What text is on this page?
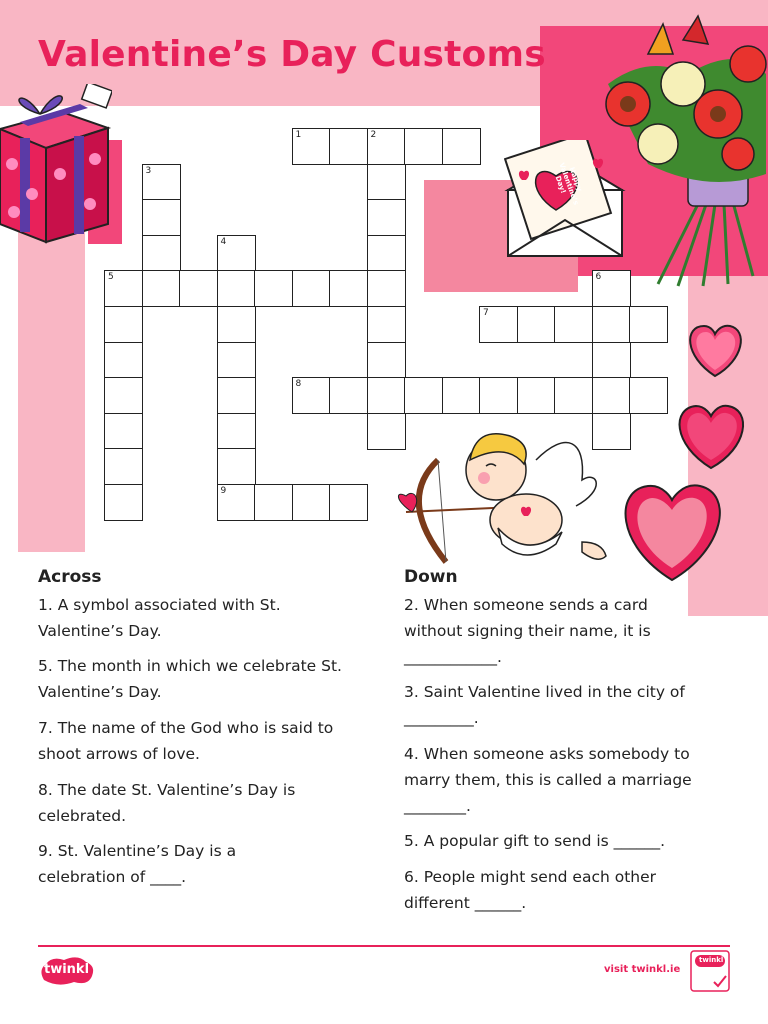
Valentine’s Day Customs
Happy Valentine’s Day!
1	2
3
4
9
5	6
7
8
Across
1. A symbol associated with St. Valentine’s Day.
5. The month in which we celebrate St. Valentine’s Day.
7. The name of the God who is said to shoot arrows of love.
8. The date St. Valentine’s Day is celebrated.
9. St. Valentine’s Day is a celebration of ____.
Down
2. When someone sends a card without signing their name, it is ____________.
3. Saint Valentine lived in the city of _________.
4. When someone asks somebody to marry them, this is called a marriage ________.
5. A popular gift to send is ______.
6. People might send each other different ______.
twinkl	visit twinkl.ie
twinkl
